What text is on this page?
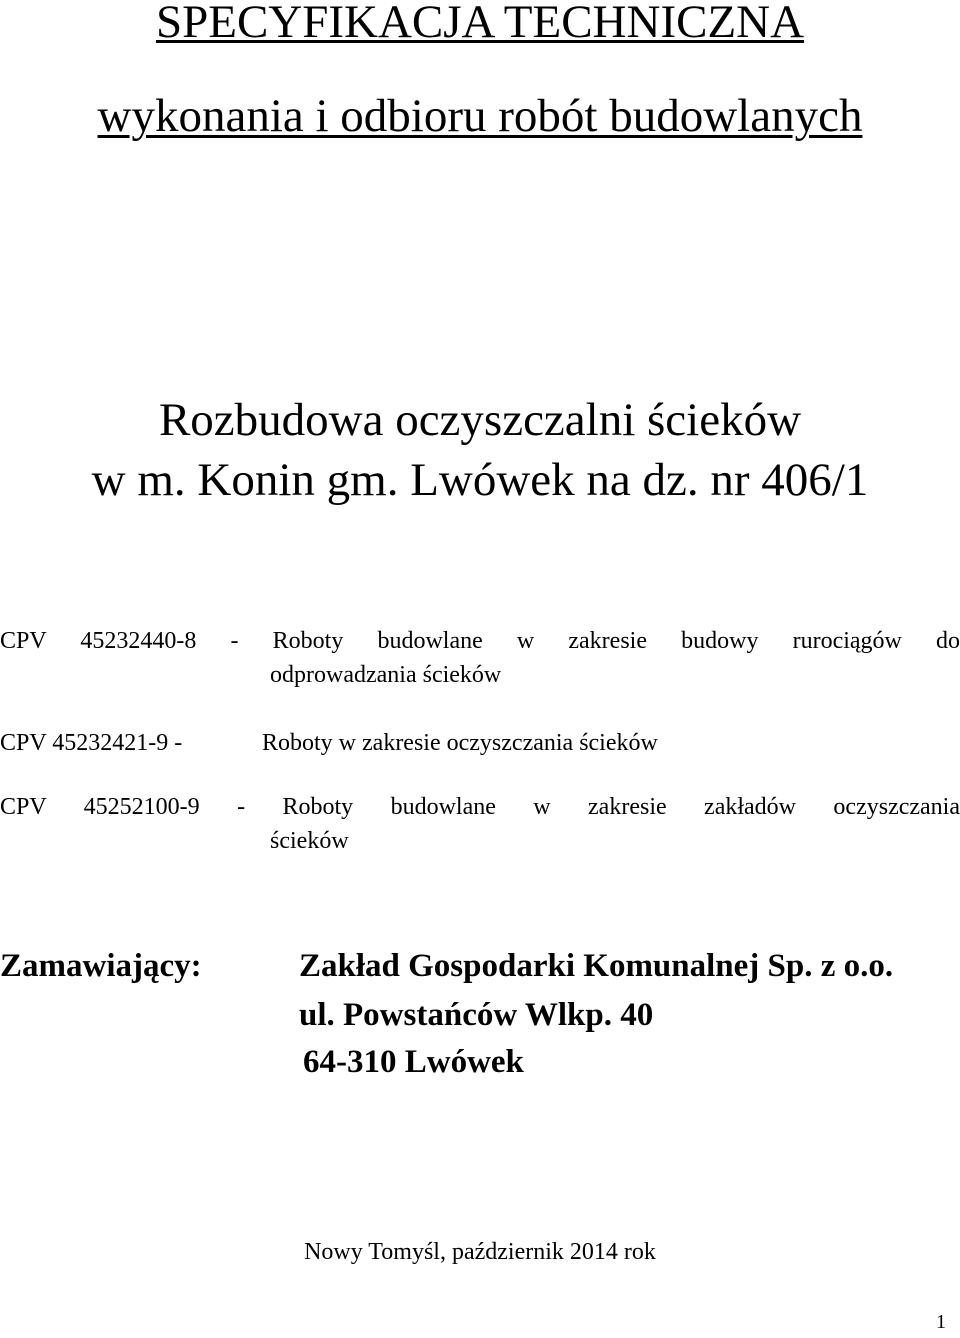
SPECYFIKACJA TECHNICZNA
wykonania i odbioru robót budowlanych
Rozbudowa oczyszczalni ścieków
w m. Konin gm. Lwówek na dz. nr 406/1
CPV 45232440-8 - Roboty budowlane w zakresie budowy rurociągów do
odprowadzania ścieków
CPV 45232421-9 -	Roboty w zakresie oczyszczania ścieków
CPV 45252100-9 - Roboty budowlane w zakresie zakładów oczyszczania
ścieków
Zamawiający:	Zakład Gospodarki Komunalnej Sp. z o.o.
ul. Powstańców Wlkp. 40
64-310 Lwówek
Nowy Tomyśl, październik 2014 rok
1
